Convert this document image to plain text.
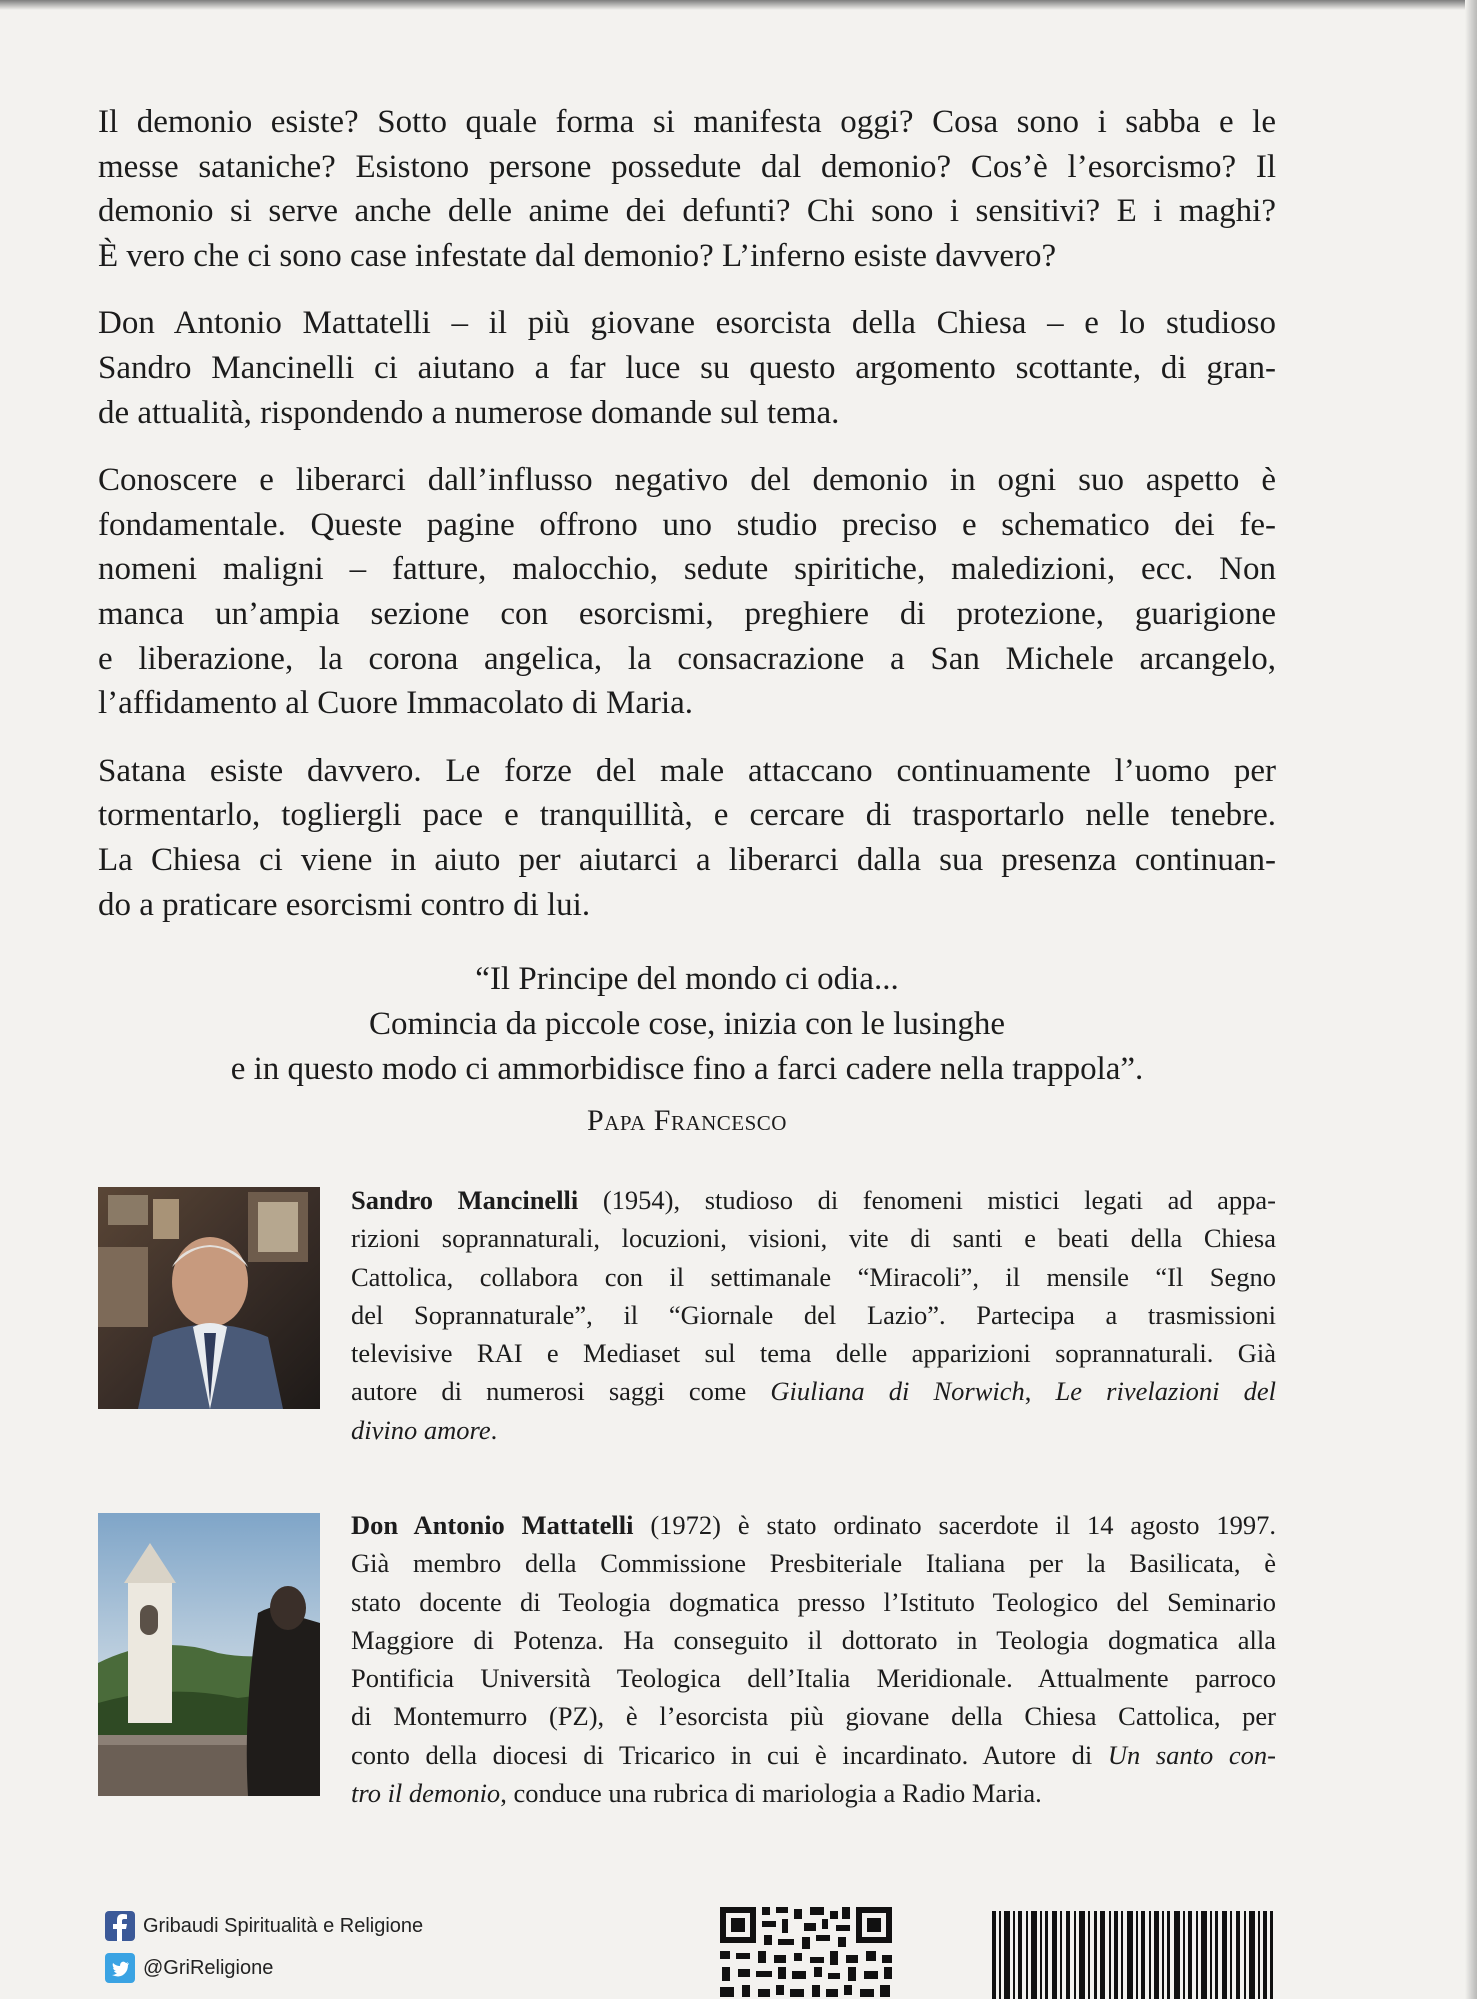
Il demonio esiste? Sotto quale forma si manifesta oggi? Cosa sono i sabba e le
messe sataniche? Esistono persone possedute dal demonio? Cos’è l’esorcismo? Il
demonio si serve anche delle anime dei defunti? Chi sono i sensitivi? E i maghi?
È vero che ci sono case infestate dal demonio? L’inferno esiste davvero?
Don Antonio Mattatelli – il più giovane esorcista della Chiesa – e lo studioso
Sandro Mancinelli ci aiutano a far luce su questo argomento scottante, di gran-
de attualità, rispondendo a numerose domande sul tema.
Conoscere e liberarci dall’influsso negativo del demonio in ogni suo aspetto è
fondamentale. Queste pagine offrono uno studio preciso e schematico dei fe-
nomeni maligni – fatture, malocchio, sedute spiritiche, maledizioni, ecc. Non
manca un’ampia sezione con esorcismi, preghiere di protezione, guarigione
e liberazione, la corona angelica, la consacrazione a San Michele arcangelo,
l’affidamento al Cuore Immacolato di Maria.
Satana esiste davvero. Le forze del male attaccano continuamente l’uomo per
tormentarlo, togliergli pace e tranquillità, e cercare di trasportarlo nelle tenebre.
La Chiesa ci viene in aiuto per aiutarci a liberarci dalla sua presenza continuan-
do a praticare esorcismi contro di lui.
“Il Principe del mondo ci odia...
Comincia da piccole cose, inizia con le lusinghe
e in questo modo ci ammorbidisce fino a farci cadere nella trappola”.
Papa Francesco
Sandro Mancinelli (1954), studioso di fenomeni mistici legati ad appa-
rizioni soprannaturali, locuzioni, visioni, vite di santi e beati della Chiesa
Cattolica, collabora con il settimanale “Miracoli”, il mensile “Il Segno
del Soprannaturale”, il “Giornale del Lazio”. Partecipa a trasmissioni
televisive RAI e Mediaset sul tema delle apparizioni soprannaturali. Già
autore di numerosi saggi come Giuliana di Norwich, Le rivelazioni del
divino amore.
Don Antonio Mattatelli (1972) è stato ordinato sacerdote il 14 agosto 1997.
Già membro della Commissione Presbiteriale Italiana per la Basilicata, è
stato docente di Teologia dogmatica presso l’Istituto Teologico del Seminario
Maggiore di Potenza. Ha conseguito il dottorato in Teologia dogmatica alla
Pontificia Università Teologica dell’Italia Meridionale. Attualmente parroco
di Montemurro (PZ), è l’esorcista più giovane della Chiesa Cattolica, per
conto della diocesi di Tricarico in cui è incardinato. Autore di Un santo con-
tro il demonio, conduce una rubrica di mariologia a Radio Maria.
Gribaudi Spiritualità e Religione
@GriReligione
